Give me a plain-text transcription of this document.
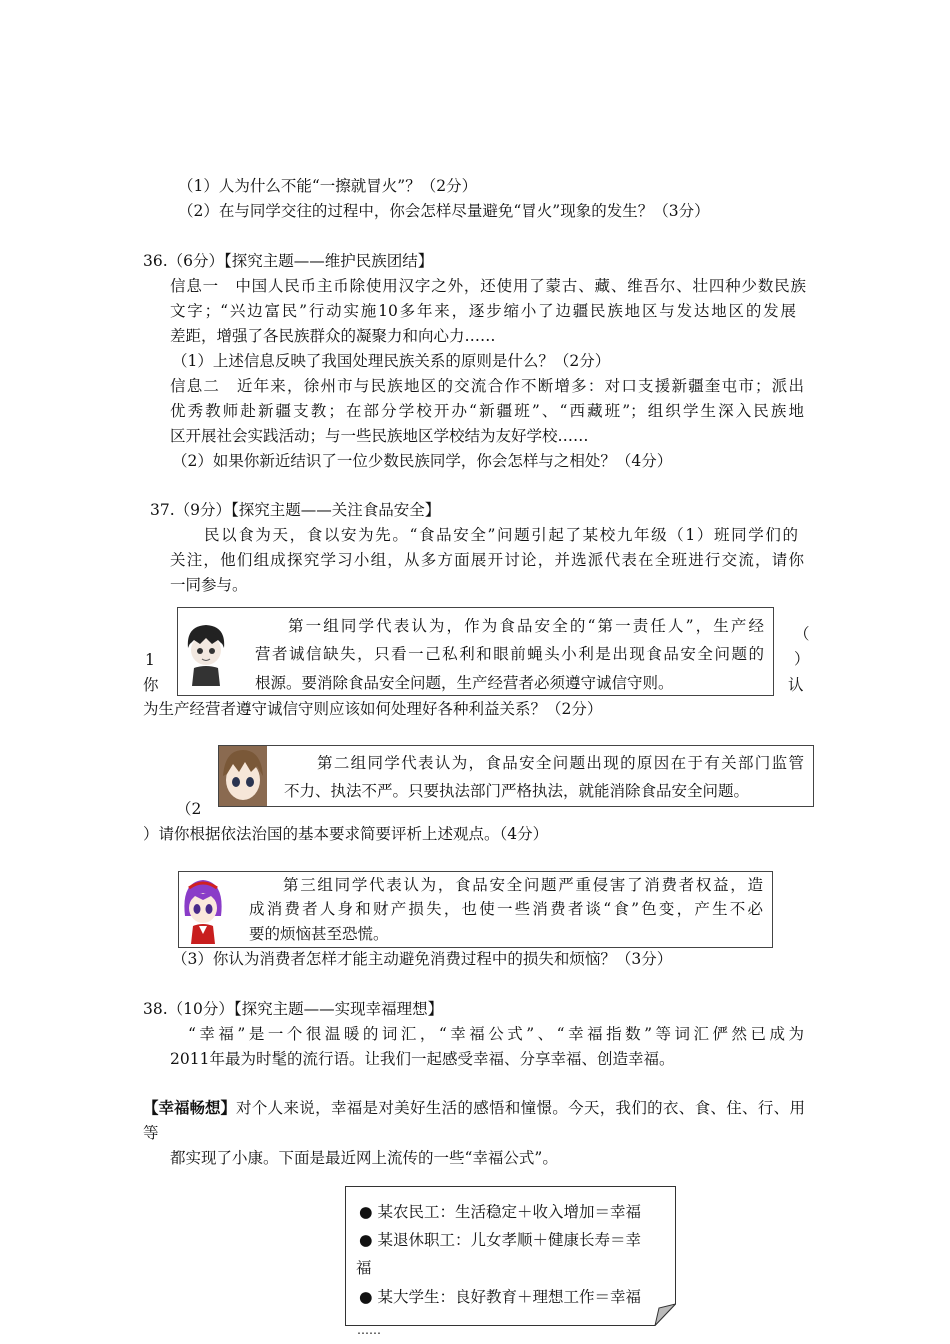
（1）人为什么不能“一擦就冒火”？（2分）
（2）在与同学交往的过程中，你会怎样尽量避免“冒火”现象的发生？（3分）
36.（6分）【探究主题——维护民族团结】
信息一　中国人民币主币除使用汉字之外，还使用了蒙古、藏、维吾尔、壮四种少数民族
文字；“兴边富民”行动实施10多年来，逐步缩小了边疆民族地区与发达地区的发展
差距，增强了各民族群众的凝聚力和向心力……
（1）上述信息反映了我国处理民族关系的原则是什么？（2分）
信息二　近年来，徐州市与民族地区的交流合作不断增多：对口支援新疆奎屯市；派出
优秀教师赴新疆支教；在部分学校开办“新疆班”、“西藏班”；组织学生深入民族地
区开展社会实践活动；与一些民族地区学校结为友好学校……
（2）如果你新近结识了一位少数民族同学，你会怎样与之相处？（4分）
37.（9分）【探究主题——关注食品安全】
民以食为天，食以安为先。“食品安全”问题引起了某校九年级（1）班同学们的
关注，他们组成探究学习小组，从多方面展开讨论，并选派代表在全班进行交流，请你
一同参与。
第一组同学代表认为，作为食品安全的“第一责任人”，生产经
营者诚信缺失，只看一己私利和眼前蝇头小利是出现食品安全问题的
根源。要消除食品安全问题，生产经营者必须遵守诚信守则。
（
1	）
你	认
为生产经营者遵守诚信守则应该如何处理好各种利益关系？（2分）
第二组同学代表认为，食品安全问题出现的原因在于有关部门监管
不力、执法不严。只要执法部门严格执法，就能消除食品安全问题。
（2
）请你根据依法治国的基本要求简要评析上述观点。（4分）
第三组同学代表认为，食品安全问题严重侵害了消费者权益，造
成消费者人身和财产损失，也使一些消费者谈“食”色变，产生不必
要的烦恼甚至恐慌。
（3）你认为消费者怎样才能主动避免消费过程中的损失和烦恼？（3分）
38.（10分）【探究主题——实现幸福理想】
“幸福”是一个很温暖的词汇，“幸福公式”、“幸福指数”等词汇俨然已成为
2011年最为时髦的流行语。让我们一起感受幸福、分享幸福、创造幸福。
【幸福畅想】 对个人来说，幸福是对美好生活的感悟和憧憬。今天，我们的衣、食、住、行、用
等
都实现了小康。下面是最近网上流传的一些“幸福公式”。
● 某农民工：生活稳定＋收入增加＝幸福
● 某退休职工：儿女孝顺＋健康长寿＝幸
福
● 某大学生：良好教育＋理想工作＝幸福
……
